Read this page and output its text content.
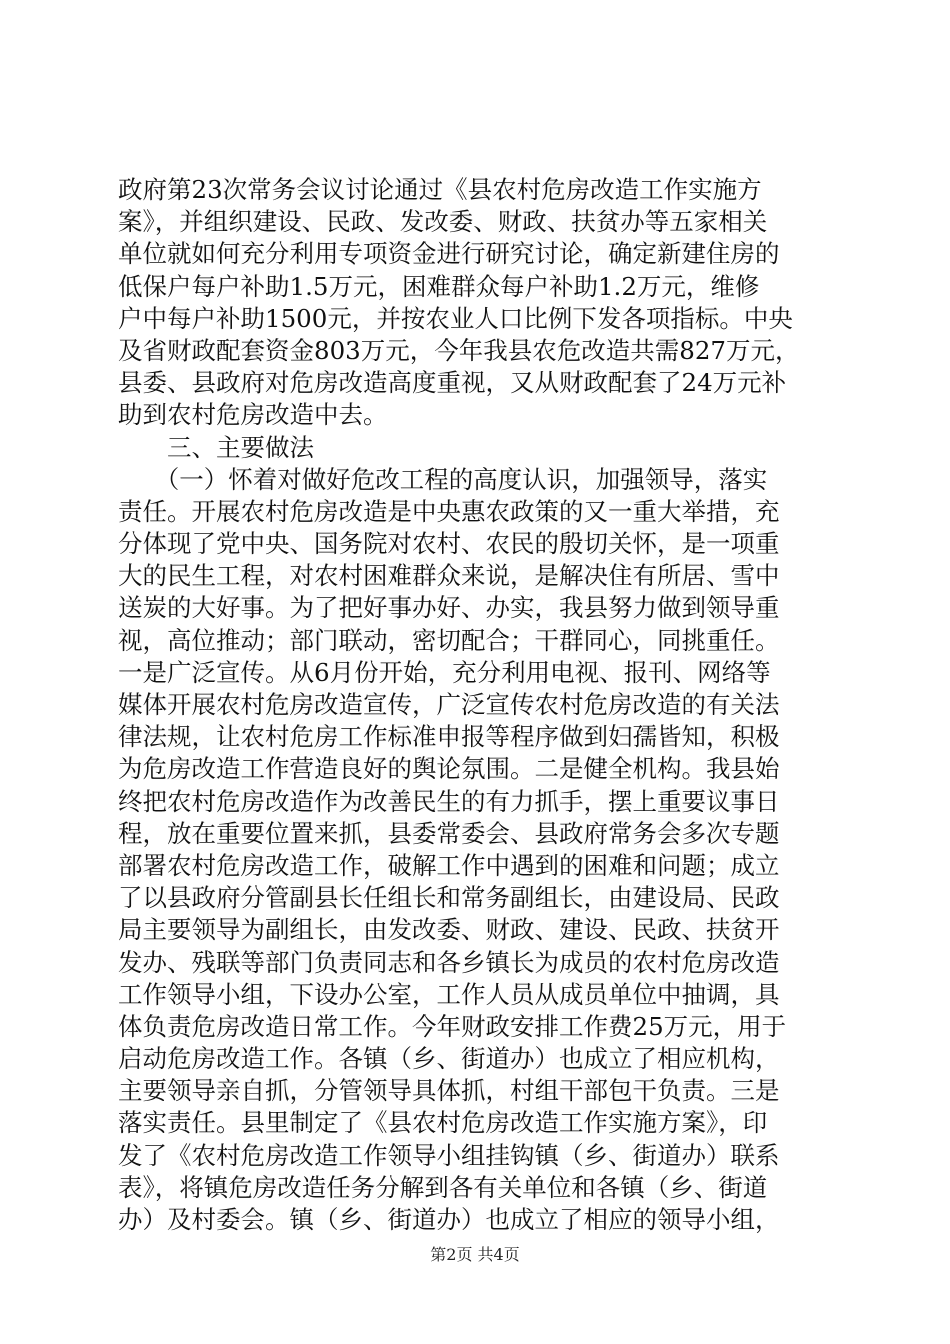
政府第23次常务会议讨论通过《县农村危房改造工作实施方
案》，并组织建设、民政、发改委、财政、扶贫办等五家相关
单位就如何充分利用专项资金进行研究讨论，确定新建住房的
低保户每户补助1.5万元，困难群众每户补助1.2万元，维修
户中每户补助1500元，并按农业人口比例下发各项指标。中央
及省财政配套资金803万元，今年我县农危改造共需827万元，
县委、县政府对危房改造高度重视，又从财政配套了24万元补
助到农村危房改造中去。
　　三、主要做法
　　（一）怀着对做好危改工程的高度认识，加强领导，落实
责任。开展农村危房改造是中央惠农政策的又一重大举措，充
分体现了党中央、国务院对农村、农民的殷切关怀，是一项重
大的民生工程，对农村困难群众来说，是解决住有所居、雪中
送炭的大好事。为了把好事办好、办实，我县努力做到领导重
视，高位推动；部门联动，密切配合；干群同心，同挑重任。
一是广泛宣传。从6月份开始，充分利用电视、报刊、网络等
媒体开展农村危房改造宣传，广泛宣传农村危房改造的有关法
律法规，让农村危房工作标准申报等程序做到妇孺皆知，积极
为危房改造工作营造良好的舆论氛围。二是健全机构。我县始
终把农村危房改造作为改善民生的有力抓手，摆上重要议事日
程，放在重要位置来抓，县委常委会、县政府常务会多次专题
部署农村危房改造工作，破解工作中遇到的困难和问题；成立
了以县政府分管副县长任组长和常务副组长，由建设局、民政
局主要领导为副组长，由发改委、财政、建设、民政、扶贫开
发办、残联等部门负责同志和各乡镇长为成员的农村危房改造
工作领导小组，下设办公室，工作人员从成员单位中抽调，具
体负责危房改造日常工作。今年财政安排工作费25万元，用于
启动危房改造工作。各镇（乡、街道办）也成立了相应机构，
主要领导亲自抓，分管领导具体抓，村组干部包干负责。三是
落实责任。县里制定了《县农村危房改造工作实施方案》，印
发了《农村危房改造工作领导小组挂钩镇（乡、街道办）联系
表》，将镇危房改造任务分解到各有关单位和各镇（乡、街道
办）及村委会。镇（乡、街道办）也成立了相应的领导小组，
第2页 共4页
